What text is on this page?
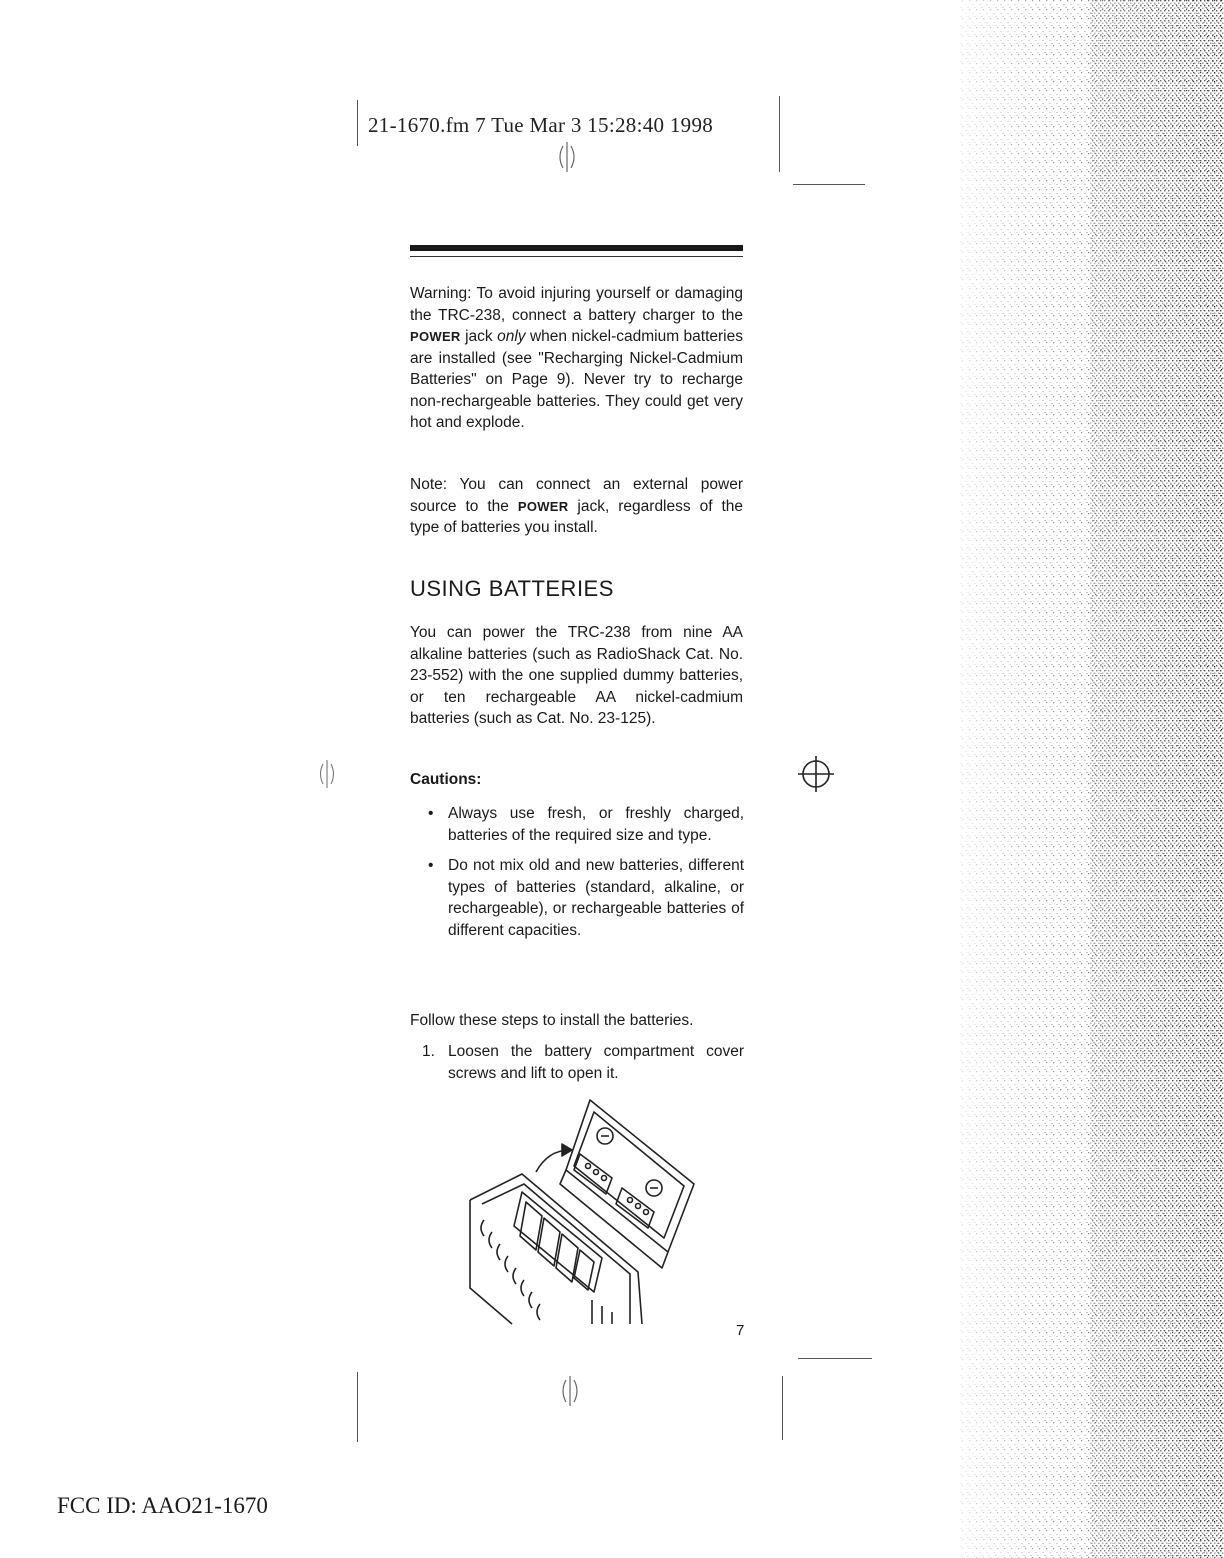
21-1670.fm 7 Tue Mar 3 15:28:40 1998
Warning: To avoid injuring yourself or damaging the TRC-238, connect a battery charger to the POWER jack only when nickel-cadmium batteries are installed (see "Recharging Nickel-Cadmium Batteries" on Page 9). Never try to recharge non-rechargeable batteries. They could get very hot and explode.
Note: You can connect an external power source to the POWER jack, regardless of the type of batteries you install.
USING BATTERIES
You can power the TRC-238 from nine AA alkaline batteries (such as RadioShack Cat. No. 23-552) with the one supplied dummy batteries, or ten rechargeable AA nickel-cadmium batteries (such as Cat. No. 23-125).
Cautions:
• Always use fresh, or freshly charged, batteries of the required size and type.
• Do not mix old and new batteries, different types of batteries (standard, alkaline, or rechargeable), or rechargeable batteries of different capacities.
Follow these steps to install the batteries.
1. Loosen the battery compartment cover screws and lift to open it.
7
FCC ID: AAO21-1670
